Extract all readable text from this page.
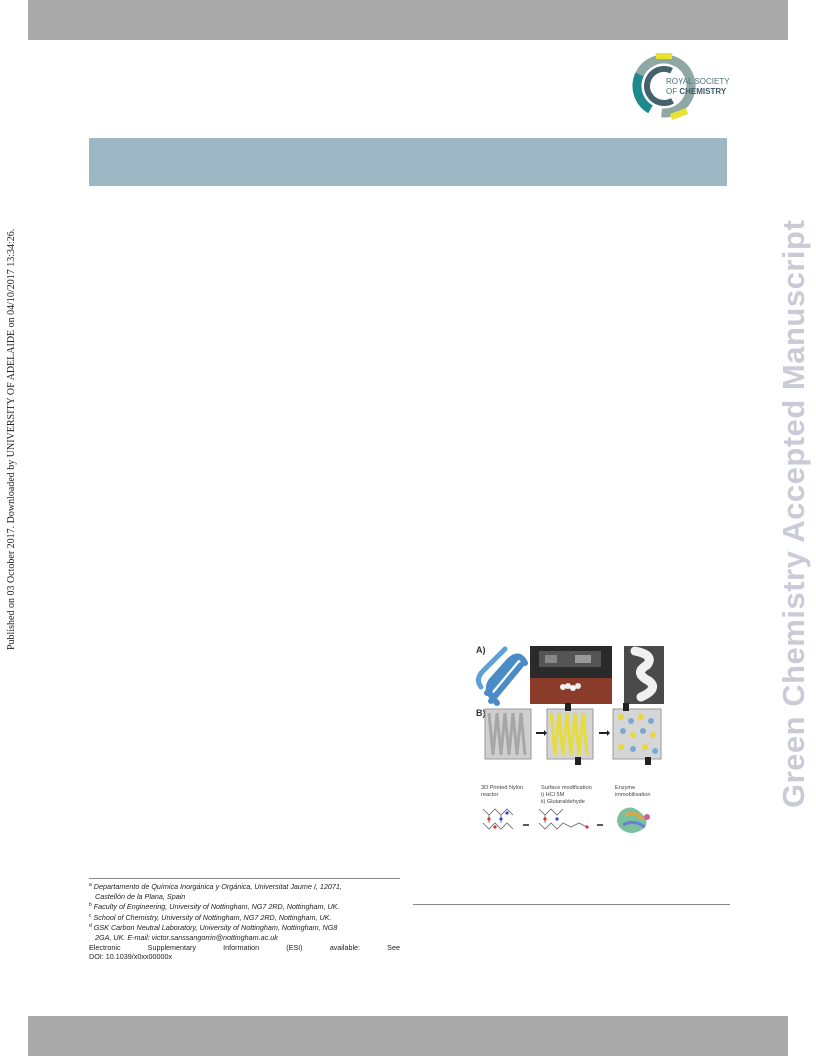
Published on 03 October 2017. Downloaded by UNIVERSITY OF ADELAIDE on 04/10/2017 13:34:26.
ROYAL SOCIETY
OF CHEMISTRY
Green Chemistry Accepted Manuscript
A)
B)
3D Printed Nylon
reactor
Surface modification
i) HCl 5M
ii) Glutaraldehyde
Enzyme
immobilisation
$^a$ Departamento de Química Inorgánica y Orgánica, Universitat Jaume I, 12071,
Castellón de la Plana, Spain
$^b$ Faculty of Engineering, University of Nottingham, NG7 2RD, Nottingham, UK.
$^c$ School of Chemistry, University of Nottingham, NG7 2RD, Nottingham, UK.
$^d$ GSK Carbon Neutral Laboratory, University of Nottingham, Nottingham, NG8
2GA, UK. E-mail: victor.sanssangorrin@nottingham.ac.uk
Electronic	Supplementary	Information	(ESI)	available:	See
DOI: 10.1039/x0xx00000x
